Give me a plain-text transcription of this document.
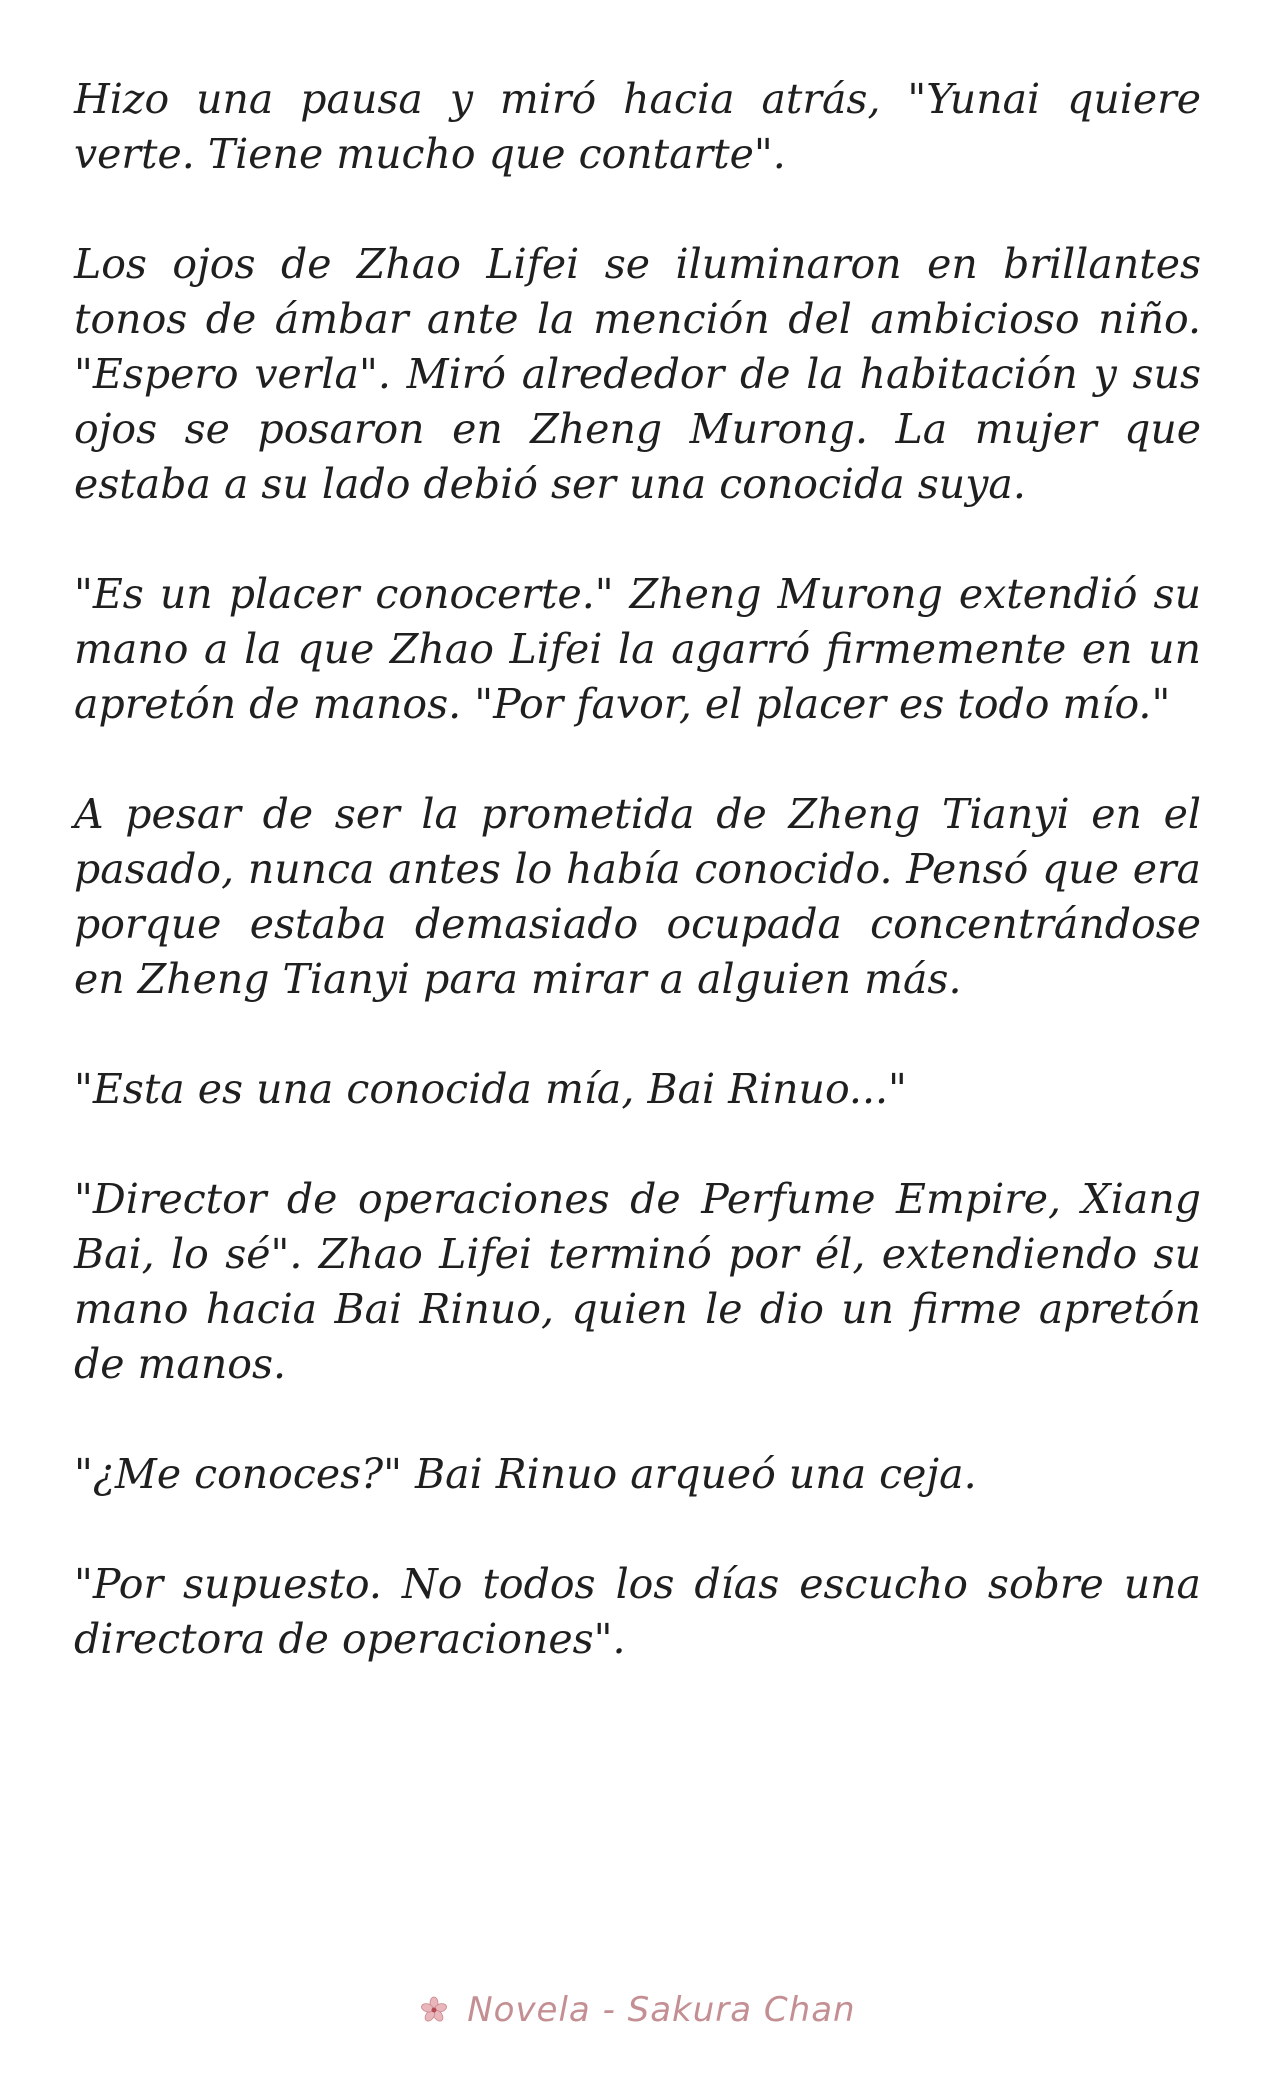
Hizo una pausa y miró hacia atrás, "Yunai quiere verte. Tiene mucho que contarte".

Los ojos de Zhao Lifei se iluminaron en brillantes tonos de ámbar ante la mención del ambicioso niño. "Espero verla". Miró alrededor de la habitación y sus ojos se posaron en Zheng Murong. La mujer que estaba a su lado debió ser una conocida suya.

"Es un placer conocerte." Zheng Murong extendió su mano a la que Zhao Lifei la agarró firmemente en un apretón de manos. "Por favor, el placer es todo mío."

A pesar de ser la prometida de Zheng Tianyi en el pasado, nunca antes lo había conocido. Pensó que era porque estaba demasiado ocupada concentrándose en Zheng Tianyi para mirar a alguien más.

"Esta es una conocida mía, Bai Rinuo..."

"Director de operaciones de Perfume Empire, Xiang Bai, lo sé". Zhao Lifei terminó por él, extendiendo su mano hacia Bai Rinuo, quien le dio un firme apretón de manos.

"¿Me conoces?" Bai Rinuo arqueó una ceja.

"Por supuesto. No todos los días escucho sobre una directora de operaciones".

Novela - Sakura Chan
